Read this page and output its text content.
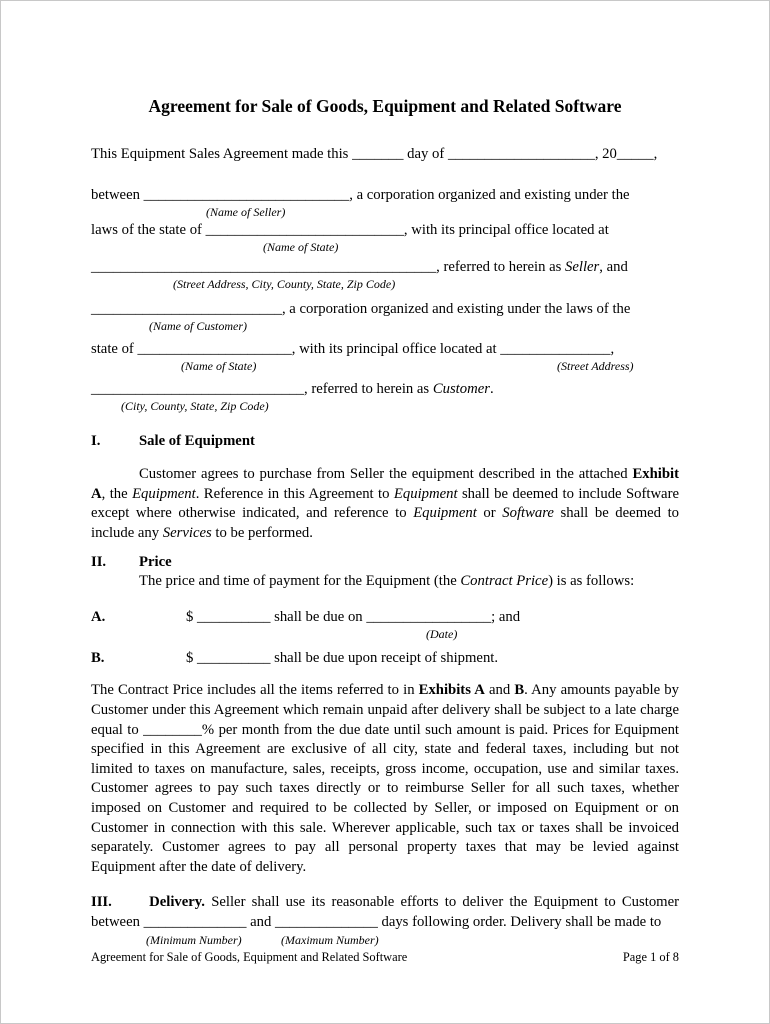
Agreement for Sale of Goods, Equipment and Related Software
This Equipment Sales Agreement made this _______ day of ____________________, 20_____,
between ____________________________, a corporation organized and existing under the
(Name of Seller)
laws of the state of ___________________________, with its principal office located at
(Name of State)
_______________________________________________, referred to herein as Seller, and
(Street Address, City, County, State, Zip Code)
__________________________, a corporation organized and existing under the laws of the
(Name of Customer)
state of _____________________, with its principal office located at _______________,
(Name of State)	(Street Address)
_____________________________, referred to herein as Customer.
(City, County, State, Zip Code)
I.	Sale of Equipment
Customer agrees to purchase from Seller the equipment described in the attached Exhibit A, the Equipment. Reference in this Agreement to Equipment shall be deemed to include Software except where otherwise indicated, and reference to Equipment or Software shall be deemed to include any Services to be performed.
II.	Price
The price and time of payment for the Equipment (the Contract Price) is as follows:
A.	$ __________ shall be due on _________________; and
(Date)
B.	$ __________ shall be due upon receipt of shipment.
The Contract Price includes all the items referred to in Exhibits A and B. Any amounts payable by Customer under this Agreement which remain unpaid after delivery shall be subject to a late charge equal to ________% per month from the due date until such amount is paid. Prices for Equipment specified in this Agreement are exclusive of all city, state and federal taxes, including but not limited to taxes on manufacture, sales, receipts, gross income, occupation, use and similar taxes. Customer agrees to pay such taxes directly or to reimburse Seller for all such taxes, whether imposed on Customer and required to be collected by Seller, or imposed on Equipment or on Customer in connection with this sale. Wherever applicable, such tax or taxes shall be invoiced separately. Customer agrees to pay all personal property taxes that may be levied against Equipment after the date of delivery.
III.	Delivery. Seller shall use its reasonable efforts to deliver the Equipment to Customer between ______________ and ______________ days following order. Delivery shall be made to
(Minimum Number)	(Maximum Number)
Agreement for Sale of Goods, Equipment and Related Software	Page 1 of 8
